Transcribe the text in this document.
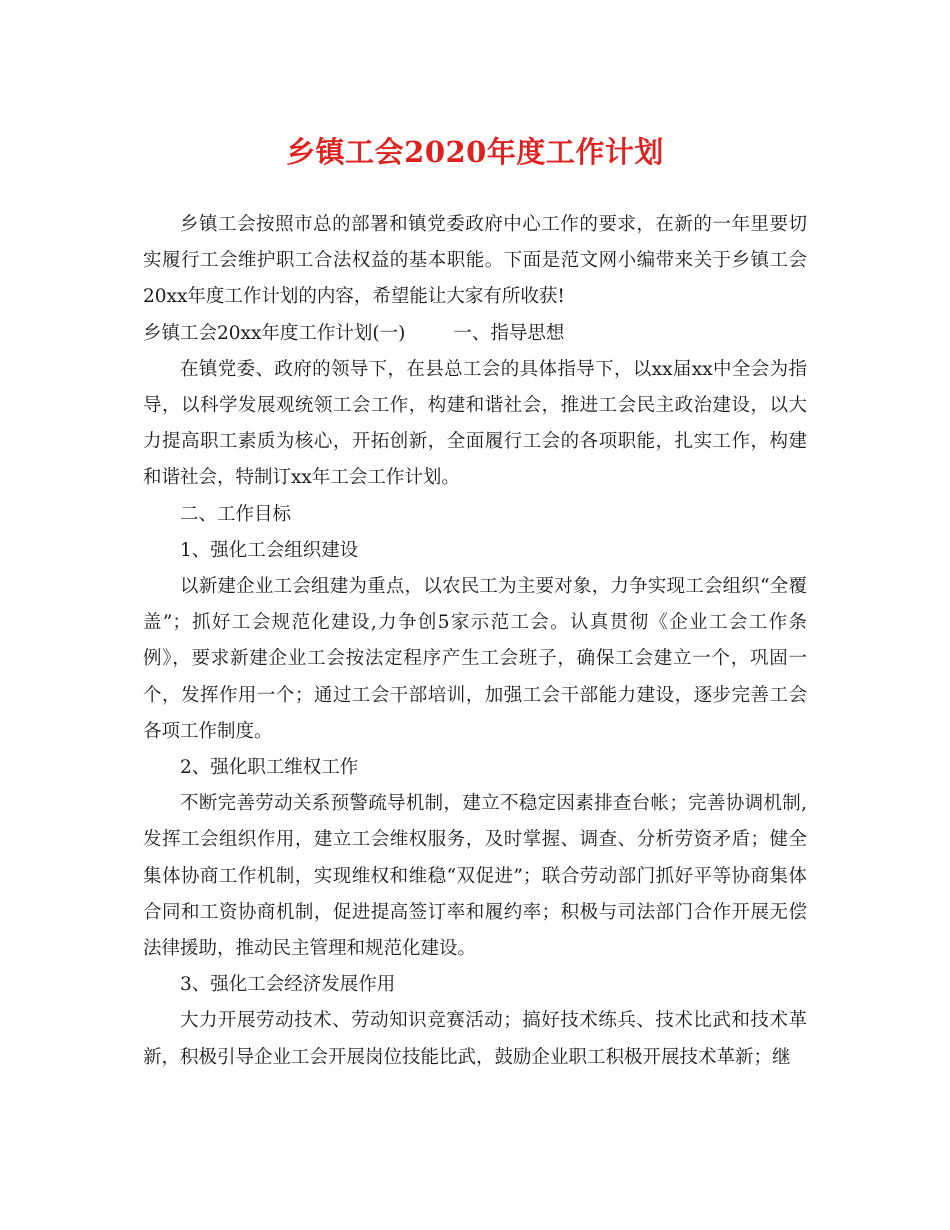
乡镇工会2020年度工作计划

乡镇工会按照市总的部署和镇党委政府中心工作的要求，在新的一年里要切实履行工会维护职工合法权益的基本职能。下面是范文网小编带来关于乡镇工会20xx年度工作计划的内容，希望能让大家有所收获!

乡镇工会20xx年度工作计划(一)	一、指导思想

在镇党委、政府的领导下，在县总工会的具体指导下，以xx届xx中全会为指导，以科学发展观统领工会工作，构建和谐社会，推进工会民主政治建设，以大力提高职工素质为核心，开拓创新，全面履行工会的各项职能，扎实工作，构建和谐社会，特制订xx年工会工作计划。

二、工作目标

1、强化工会组织建设

以新建企业工会组建为重点，以农民工为主要对象，力争实现工会组织“全覆盖”；抓好工会规范化建设,力争创5家示范工会。认真贯彻《企业工会工作条例》，要求新建企业工会按法定程序产生工会班子，确保工会建立一个，巩固一个，发挥作用一个；通过工会干部培训，加强工会干部能力建设，逐步完善工会各项工作制度。

2、强化职工维权工作

不断完善劳动关系预警疏导机制，建立不稳定因素排查台帐；完善协调机制,发挥工会组织作用，建立工会维权服务，及时掌握、调查、分析劳资矛盾；健全集体协商工作机制，实现维权和维稳“双促进”；联合劳动部门抓好平等协商集体合同和工资协商机制，促进提高签订率和履约率；积极与司法部门合作开展无偿法律援助，推动民主管理和规范化建设。

3、强化工会经济发展作用

大力开展劳动技术、劳动知识竞赛活动；搞好技术练兵、技术比武和技术革新，积极引导企业工会开展岗位技能比武，鼓励企业职工积极开展技术革新；继
